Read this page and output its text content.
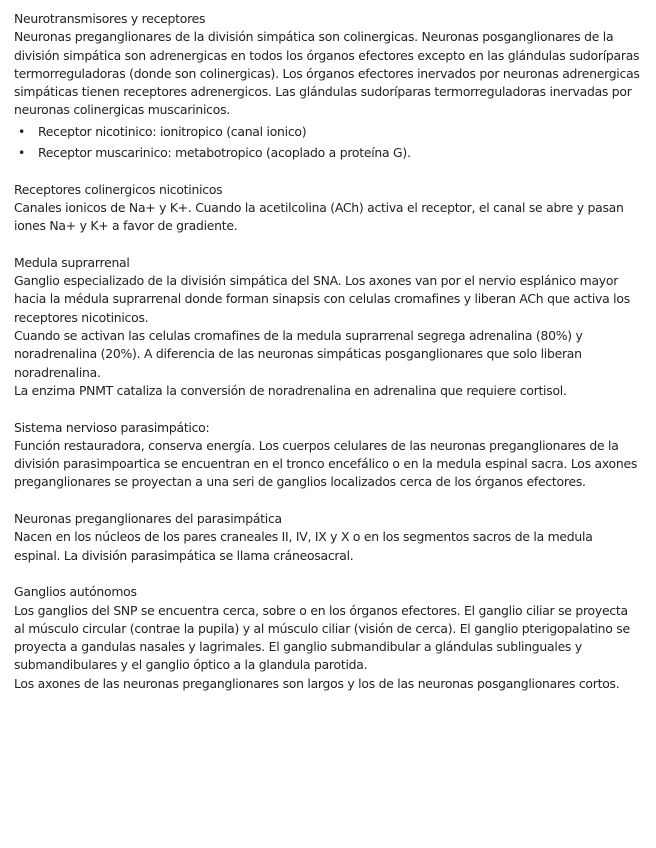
Neurotransmisores y receptores
Neuronas preganglionares de la división simpática son colinergicas. Neuronas posganglionares de la división simpática son adrenergicas en todos los órganos efectores excepto en las glándulas sudoríparas termorreguladoras (donde son colinergicas). Los órganos efectores inervados por neuronas adrenergicas simpáticas tienen receptores adrenergicos. Las glándulas sudoríparas termorreguladoras inervadas por neuronas colinergicas muscarinicos.
• Receptor nicotinico: ionitropico (canal ionico)
• Receptor muscarinico: metabotropico (acoplado a proteína G).
Receptores colinergicos nicotinicos
Canales ionicos de Na+ y K+. Cuando la acetilcolina (ACh) activa el receptor, el canal se abre y pasan iones Na+ y K+ a favor de gradiente.
Medula suprarrenal
Ganglio especializado de la división simpática del SNA. Los axones van por el nervio esplánico mayor hacia la médula suprarrenal donde forman sinapsis con celulas cromafines y liberan ACh que activa los receptores nicotinicos.
Cuando se activan las celulas cromafines de la medula suprarrenal segrega adrenalina (80%) y noradrenalina (20%). A diferencia de las neuronas simpáticas posganglionares que solo liberan noradrenalina.
La enzima PNMT cataliza la conversión de noradrenalina en adrenalina que requiere cortisol.
Sistema nervioso parasimpático:
Función restauradora, conserva energía. Los cuerpos celulares de las neuronas preganglionares de la división parasimpoartica se encuentran en el tronco encefálico o en la medula espinal sacra. Los axones preganglionares se proyectan a una seri de ganglios localizados cerca de los órganos efectores.
Neuronas preganglionares del parasimpática
Nacen en los núcleos de los pares craneales II, IV, IX y X o en los segmentos sacros de la medula espinal. La división parasimpática se llama cráneosacral.
Ganglios autónomos
Los ganglios del SNP se encuentra cerca, sobre o en los órganos efectores. El ganglio ciliar se proyecta al músculo circular (contrae la pupila) y al músculo ciliar (visión de cerca). El ganglio pterigopalatino se proyecta a gandulas nasales y lagrimales. El ganglio submandibular a glándulas sublinguales y submandibulares y el ganglio óptico a la glandula parotida.
Los axones de las neuronas preganglionares son largos y los de las neuronas posganglionares cortos.
